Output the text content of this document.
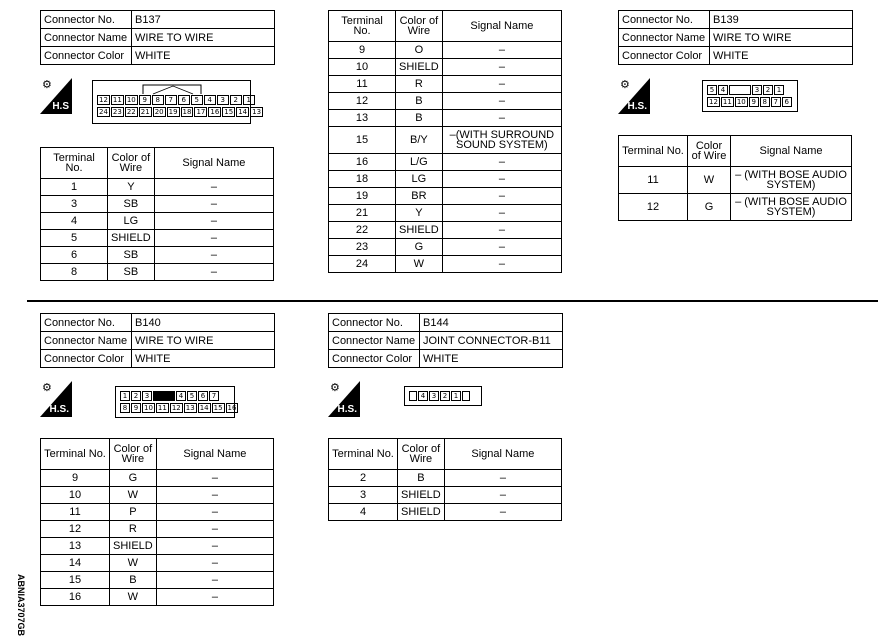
Connector No.	B137
Connector Name	WIRE TO WIRE
Connector Color	WHITE
⚙
H.S
12 11 10 9	8	7	6	5	4	3	2	1
24 23 22 21 20 19 18 17 16 15 14 13
Terminal No.	Color of Wire	Signal Name
1	Y	–
3	SB	–
4	LG	–
5	SHIELD	–
6	SB	–
8	SB	–
Terminal No.	Color of Wire	Signal Name
9	O	–
10	SHIELD	–
11	R	–
12	B	–
13	B	–
15	B/Y	–(WITH SURROUND SOUND SYSTEM)
16	L/G	–
18	LG	–
19	BR	–
21	Y	–
22	SHIELD	–
23	G	–
24	W	–
Connector No.	B139
Connector Name	WIRE TO WIRE
Connector Color	WHITE
⚙
H.S.
5 4	3 2 1
12 11 10 9 8 7 6
Terminal No.	Color of Wire	Signal Name
11	W	– (WITH BOSE AUDIO SYSTEM)
12	G	– (WITH BOSE AUDIO SYSTEM)
Connector No.	B140
Connector Name	WIRE TO WIRE
Connector Color	WHITE
⚙
H.S.
1 2 3	4 5 6 7
8 9 10 11 12 13 14 15 16
Terminal No.	Color of Wire	Signal Name
9	G	–
10	W	–
11	P	–
12	R	–
13	SHIELD	–
14	W	–
15	B	–
16	W	–
Connector No.	B144
Connector Name	JOINT CONNECTOR-B11
Connector Color	WHITE
⚙
H.S.
4 3 2 1
Terminal No.	Color of Wire	Signal Name
2	B	–
3	SHIELD	–
4	SHIELD	–
ABNIA3707GB
